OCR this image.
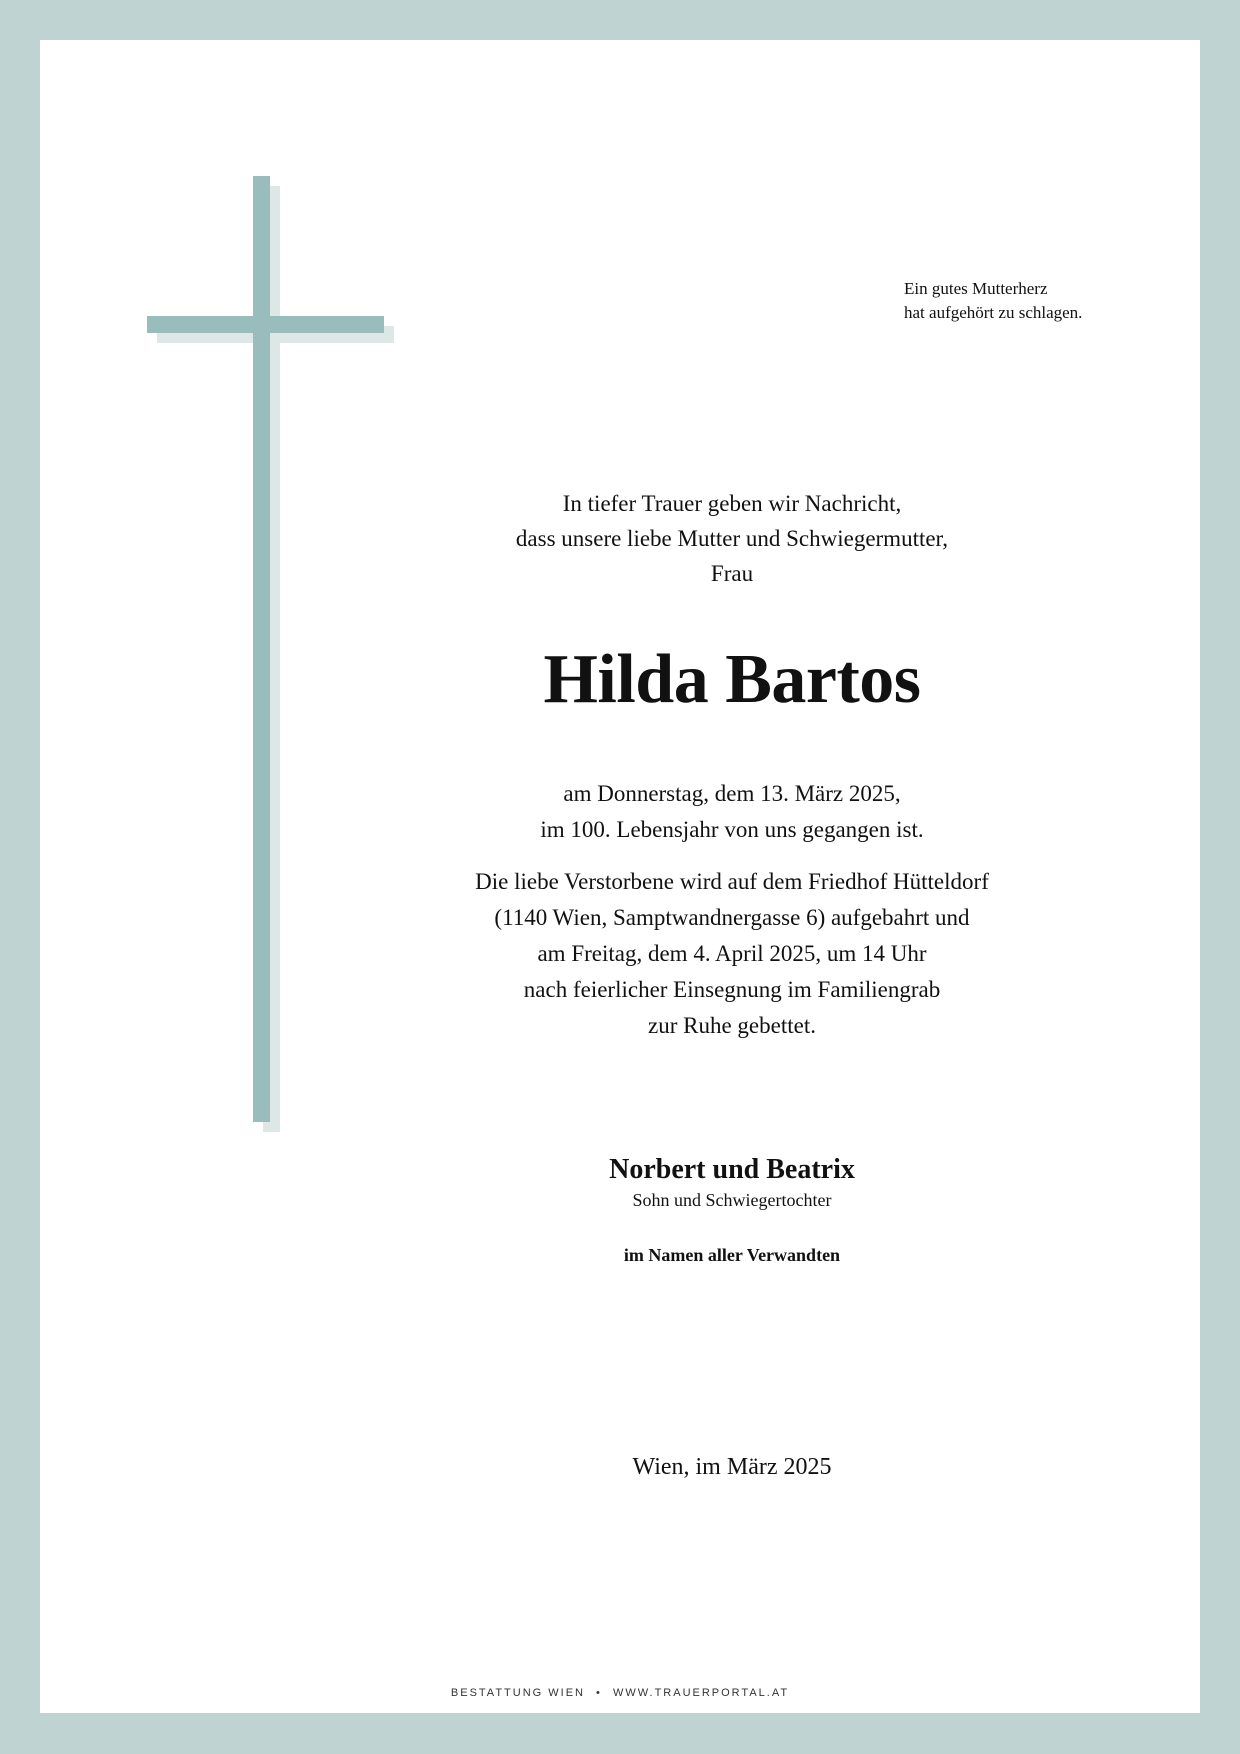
Ein gutes Mutterherz
hat aufgehört zu schlagen.
In tiefer Trauer geben wir Nachricht,
dass unsere liebe Mutter und Schwiegermutter,
Frau
Hilda Bartos
am Donnerstag, dem 13. März 2025,
im 100. Lebensjahr von uns gegangen ist.
Die liebe Verstorbene wird auf dem Friedhof Hütteldorf
(1140 Wien, Samptwandnergasse 6) aufgebahrt und
am Freitag, dem 4. April 2025, um 14 Uhr
nach feierlicher Einsegnung im Familiengrab
zur Ruhe gebettet.
Norbert und Beatrix
Sohn und Schwiegertochter
im Namen aller Verwandten
Wien, im März 2025
BESTATTUNG WIEN • WWW.TRAUERPORTAL.AT
